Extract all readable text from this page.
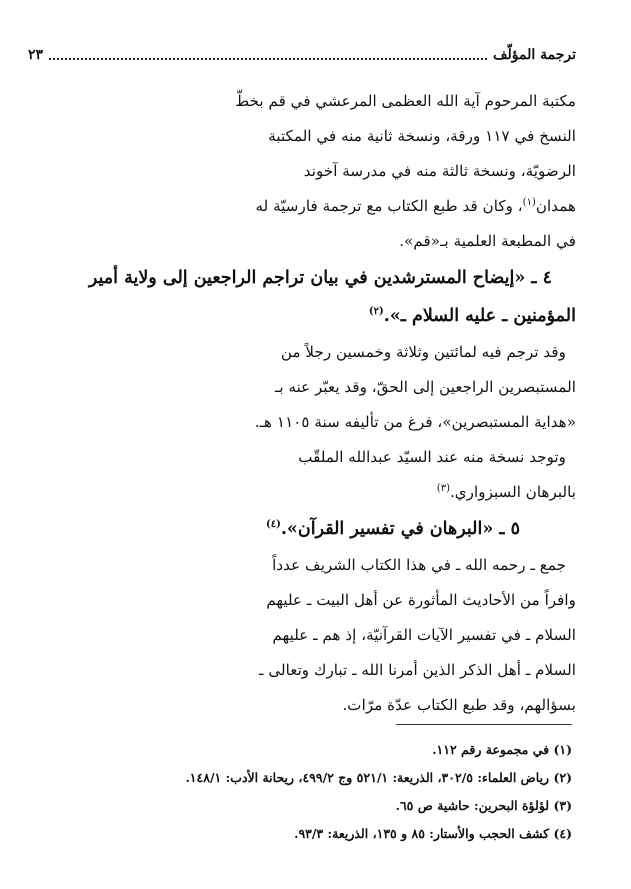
ترجمة المؤلّف
٢٣
مكتبة المرحوم آية الله العظمى المرعشي في قم بخطّ
النسخ في ١١٧ ورقة، ونسخة ثانية منه في المكتبة
الرضويّة، ونسخة ثالثة منه في مدرسة آخوند
همدان$^{(١)}$، وكان قد طبع الكتاب مع ترجمة فارسيّة له
في المطبعة العلمية بـ«قم».
٤ ـ «إيضاح المسترشدين في بيان تراجم الراجعين إلى ولاية أمير
المؤمنين ـ عليه السلام ـ».$^{(٢)}$
وقد ترجم فيه لمائتين وثلاثة وخمسين رجلاً من
المستبصرين الراجعين إلى الحقّ، وقد يعبّر عنه بـ
«هداية المستبصرين»، فرغ من تأليفه سنة ١١٠٥ هـ.
وتوجد نسخة منه عند السيّد عبدالله الملقّب
بالبرهان السبزواري.$^{(٣)}$
٥ ـ «البرهان في تفسير القرآن».$^{(٤)}$
جمع ـ رحمه الله ـ في هذا الكتاب الشريف عدداً
وافراً من الأحاديث المأثورة عن أهل البيت ـ عليهم
السلام ـ في تفسير الآيات القرآنيّة، إذ هم ـ عليهم
السلام ـ أهل الذكر الذين أمرنا الله ـ تبارك وتعالى ـ
بسؤالهم، وقد طبع الكتاب عدّة مرّات.
(١) في مجموعة رقم ١١٢.
(٢) رياض العلماء: ٣٠٢/٥، الذريعة: ٥٢١/١ وج ٤٩٩/٢، ريحانة الأدب: ١٤٨/١.
(٣) لؤلؤة البحرين: حاشية ص ٦٥.
(٤) كشف الحجب والأستار: ٨٥ و ١٣٥، الذريعة: ٩٣/٣.
